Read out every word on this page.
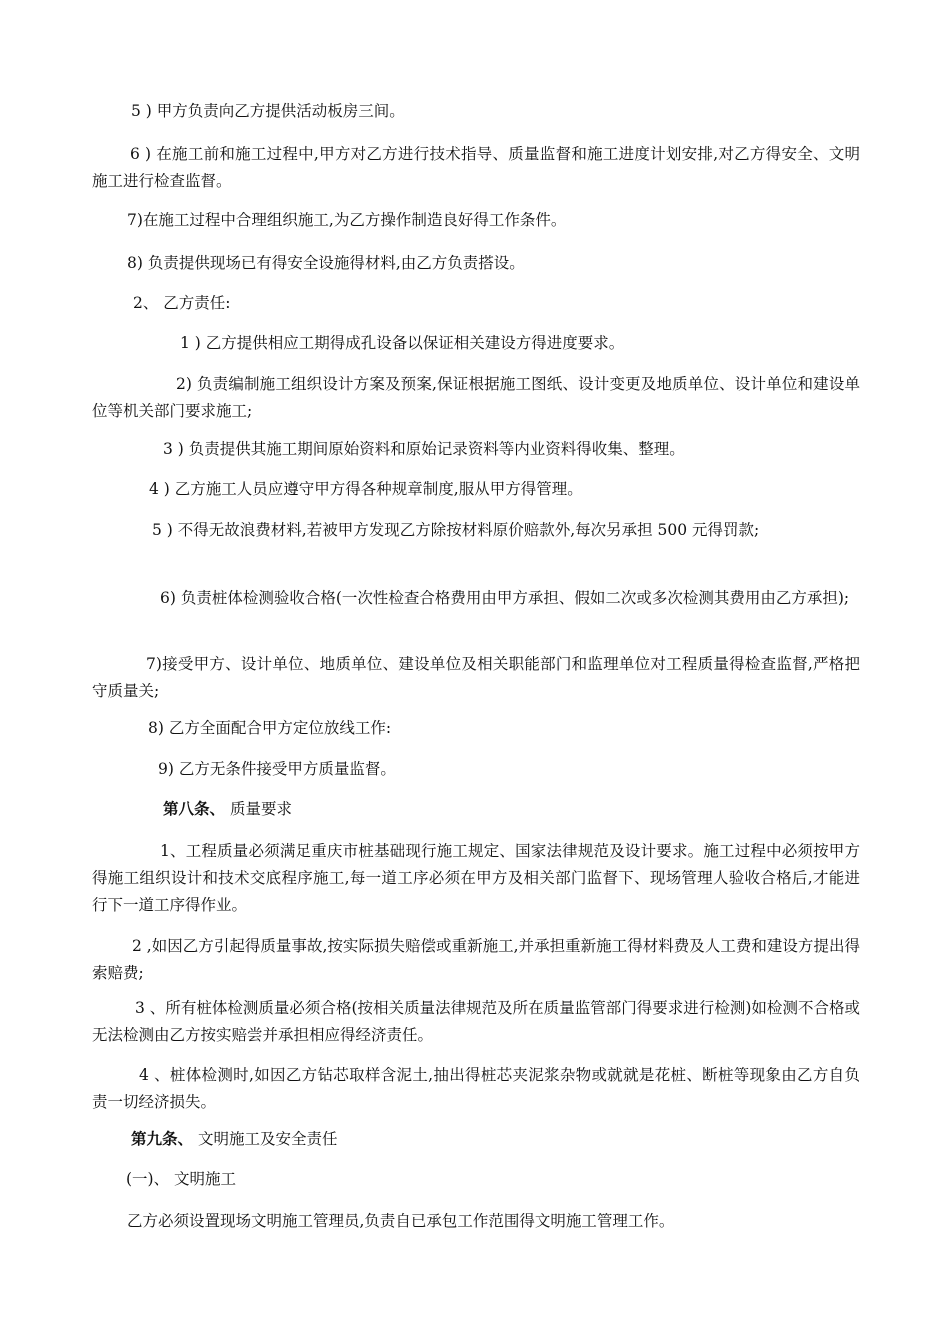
5 ) 甲方负责向乙方提供活动板房三间。
6 ) 在施工前和施工过程中,甲方对乙方进行技术指导、质量监督和施工进度计划安排,对乙方得安全、文明施工进行检查监督。
7)在施工过程中合理组织施工,为乙方操作制造良好得工作条件。
8) 负责提供现场已有得安全设施得材料,由乙方负责搭设。
2、 乙方责任:
1 ) 乙方提供相应工期得成孔设备以保证相关建设方得进度要求。
2) 负责编制施工组织设计方案及预案,保证根据施工图纸、设计变更及地质单位、设计单位和建设单位等机关部门要求施工;
3 ) 负责提供其施工期间原始资料和原始记录资料等内业资料得收集、整理。
4 ) 乙方施工人员应遵守甲方得各种规章制度,服从甲方得管理。
5 ) 不得无故浪费材料,若被甲方发现乙方除按材料原价赔款外,每次另承担 500 元得罚款;
6) 负责桩体检测验收合格(一次性检查合格费用由甲方承担、假如二次或多次检测其费用由乙方承担);
7)接受甲方、设计单位、地质单位、建设单位及相关职能部门和监理单位对工程质量得检查监督,严格把守质量关;
8) 乙方全面配合甲方定位放线工作:
9) 乙方无条件接受甲方质量监督。
第八条、 质量要求
1、工程质量必须满足重庆市桩基础现行施工规定、国家法律规范及设计要求。施工过程中必须按甲方得施工组织设计和技术交底程序施工,每一道工序必须在甲方及相关部门监督下、现场管理人验收合格后,才能进行下一道工序得作业。
2 ,如因乙方引起得质量事故,按实际损失赔偿或重新施工,并承担重新施工得材料费及人工费和建设方提出得索赔费;
3 、所有桩体检测质量必须合格(按相关质量法律规范及所在质量监管部门得要求进行检测)如检测不合格或无法检测由乙方按实赔尝并承担相应得经济责任。
4 、桩体检测时,如因乙方钻芯取样含泥土,抽出得桩芯夹泥浆杂物或就就是花桩、断桩等现象由乙方自负责一切经济损失。
第九条、 文明施工及安全责任
(一)、 文明施工
乙方必须设置现场文明施工管理员,负责自已承包工作范围得文明施工管理工作。
